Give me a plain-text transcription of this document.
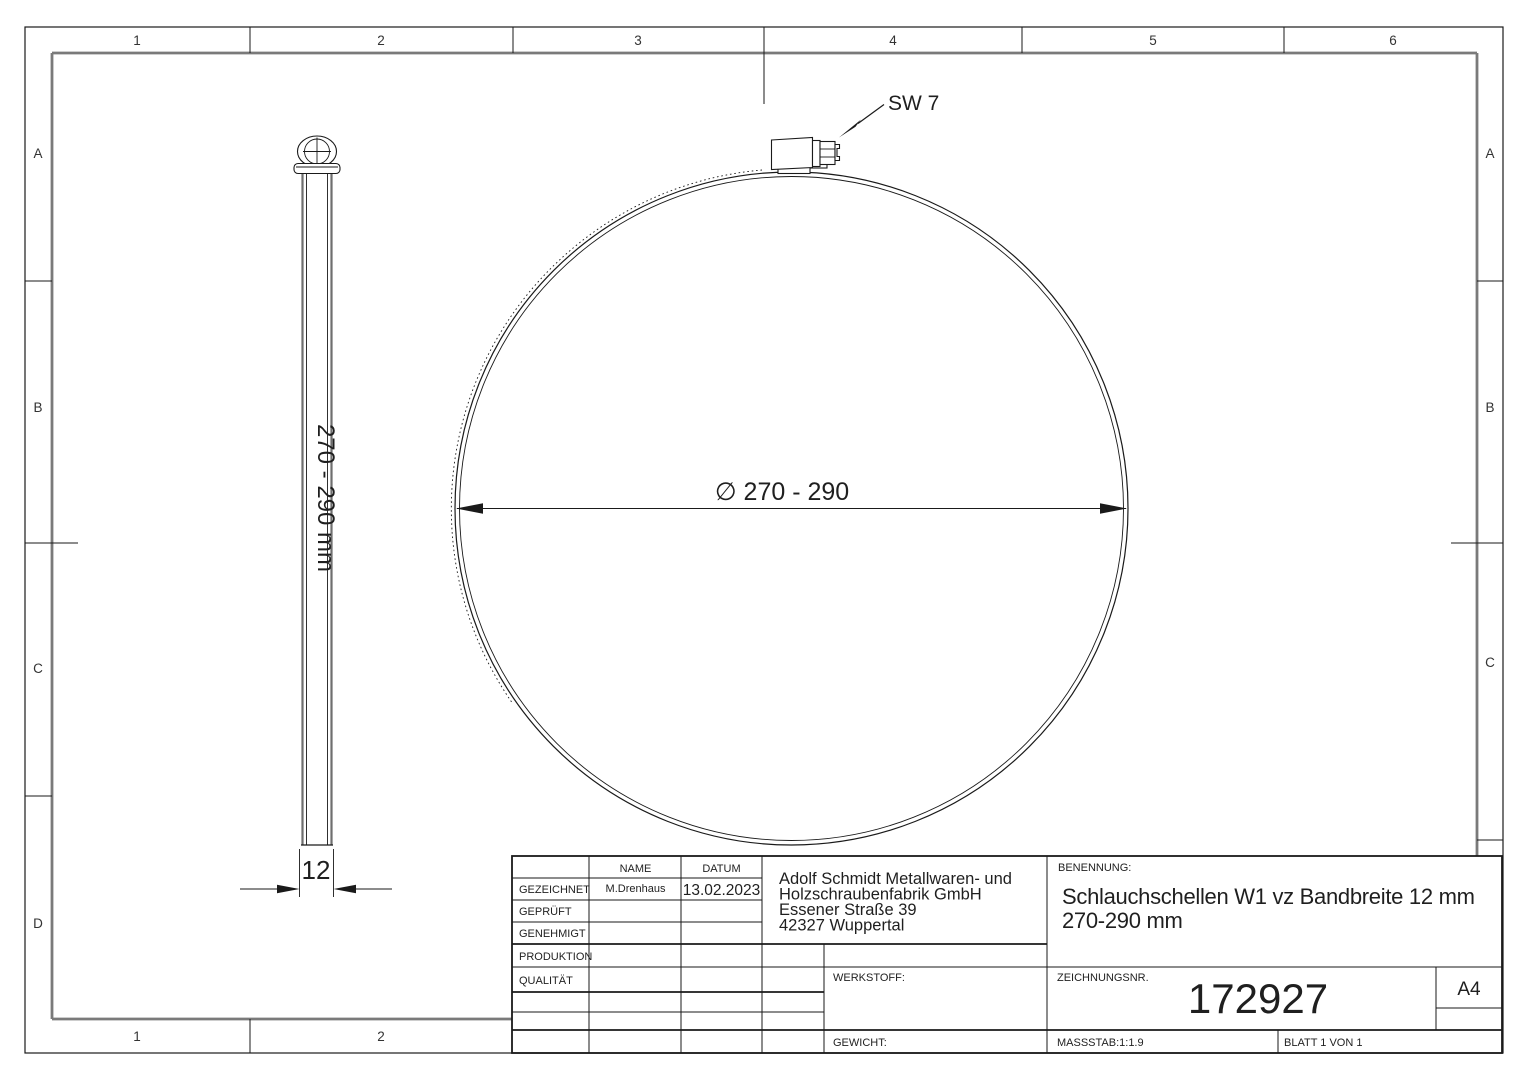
1	2	3	4	5	6
1	2
A
B
C
D
A
B
C
270 - 290 mm
12
∅ 270 - 290
SW 7
NAME	DATUM
GEZEICHNET M.Drenhaus 13.02.2023
GEPRÜFT
GENEHMIGT
PRODUKTION
QUALITÄT
Adolf Schmidt Metallwaren- und
Holzschraubenfabrik GmbH
Essener Straße 39
42327 Wuppertal
BENENNUNG:
Schlauchschellen W1 vz Bandbreite 12 mm
270-290 mm
WERKSTOFF:
GEWICHT:
ZEICHNUNGSNR. 172927	A4
MASSSTAB:1:1.9	BLATT 1 VON 1
